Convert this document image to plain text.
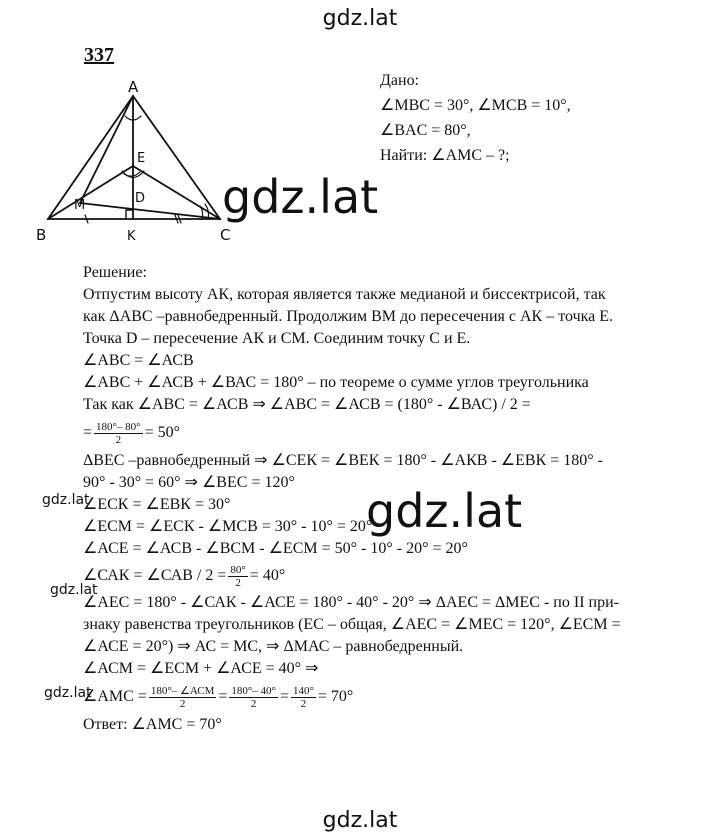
gdz.lat
337
A
B	C
K
M
E
D
Дано:
∠MBC = 30°, ∠MCB = 10°,
∠BAC = 80°,
Найти: ∠AMC – ?;
gdz.lat
Решение:
Отпустим высоту АК, которая является также медианой и биссектрисой, так
как ΔАВС –равнобедренный. Продолжим ВМ до пересечения с АК – точка Е.
Точка D – пересечение АК и СМ. Соединим точку С и Е.
∠АВС = ∠АСВ
∠АВС + ∠АСВ + ∠ВАС = 180° – по теореме о сумме углов треугольника
Так как ∠АВС = ∠АСВ ⇒ ∠АВС = ∠АСВ = (180° - ∠ВАС) / 2 =
= $\frac{180^\circ- 80^\circ}{2} = 50^\circ$
ΔВЕС –равнобедренный ⇒ ∠СЕК = ∠ВЕК = 180° - ∠АКВ - ∠ЕВК = 180° -
90° - 30° = 60° ⇒ ∠ВЕС = 120°
∠ЕСК = ∠ЕВК = 30°
∠ЕСМ = ∠ЕСК - ∠МСВ = 30° - 10° = 20°
∠АСЕ = ∠АСВ - ∠ВСМ - ∠ЕСМ = 50° - 10° - 20° = 20°
∠САК = ∠САВ / $2 = \frac{80^\circ}{2} = 40^\circ$
∠АЕС = 180° - ∠САК - ∠АСЕ = 180° - 40° - 20° ⇒ ΔАЕС = ΔМЕС - по II при-
знаку равенства треугольников (ЕС – общая, ∠АЕС = ∠МЕС = 120°, ∠ЕСМ =
∠АСЕ = 20°) ⇒ АС = МС, ⇒ ΔМАС – равнобедренный.
∠АСМ = ∠ЕСМ + ∠АСЕ = 40° ⇒
∠АМС = $\frac{\text{180°– ∠АСМ}}{2} = \frac{180^\circ- 40^\circ}{2} = \frac{140^\circ}{2} = 70^\circ$
Ответ: ∠АМС = 70°
gdz.lat
gdz.lat
gdz.lat
gdz.lat
gdz.lat
